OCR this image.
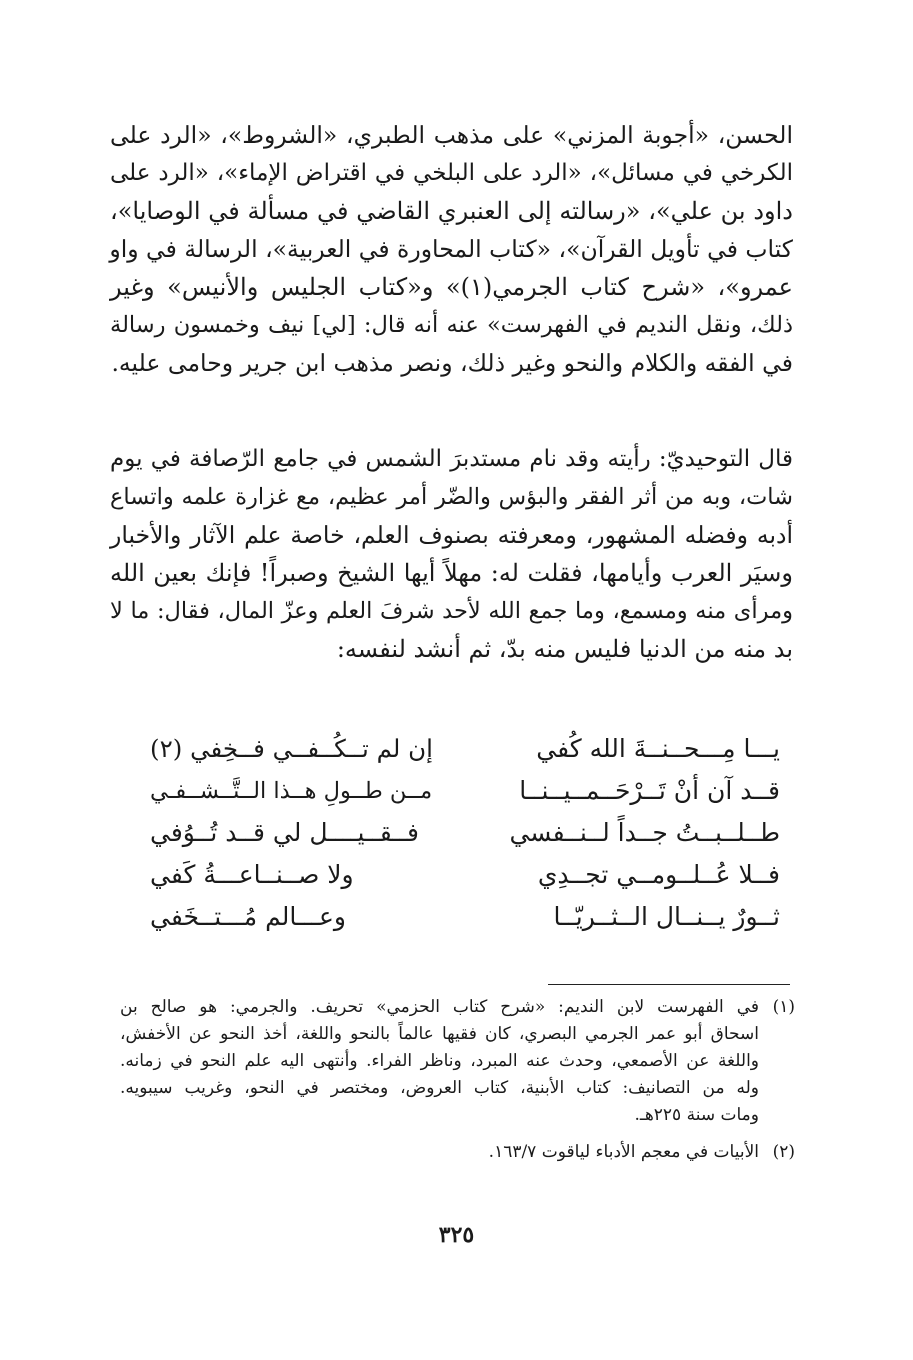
الحسن، «أجوبة المزني» على مذهب الطبري، «الشروط»، «الرد على
الكرخي في مسائل»، «الرد على البلخي في اقتراض الإماء»، «الرد على
داود بن علي»، «رسالته إلى العنبري القاضي في مسألة في الوصايا»،
كتاب في تأويل القرآن»، «كتاب المحاورة في العربية»، الرسالة في واو
عمرو»، «شرح كتاب الجرمي(١)» و«كتاب الجليس والأنيس» وغير
ذلك، ونقل النديم في الفهرست» عنه أنه قال: [لي] نيف وخمسون رسالة
في الفقه والكلام والنحو وغير ذلك، ونصر مذهب ابن جرير وحامى عليه.
قال التوحيديّ: رأيته وقد نام مستدبرَ الشمس في جامع الرّصافة في يوم
شات، وبه من أثر الفقر والبؤس والضّر أمر عظيم، مع غزارة علمه واتساع
أدبه وفضله المشهور، ومعرفته بصنوف العلم، خاصة علم الآثار والأخبار
وسيَر العرب وأيامها، فقلت له: مهلاً أيها الشيخ وصبراً! فإنك بعين الله
ومرأى منه ومسمع، وما جمع الله لأحد شرفَ العلم وعزّ المال، فقال: ما لا
بد منه من الدنيا فليس منه بدّ، ثم أنشد لنفسه:
يـــا مِـــحــنــةَ الله كُفي
إن لم تــكُــفــي فــخِفي (٢)
قــد آن أنْ تَــرْحَــمــيــنــا
مــن طــولِ هــذا الــتَّــشــفـي
طــلــبــتُ جــداً لــنــفسي
فــقــيــــل لي قــد تُــوُفي
فــلا عُــلــومــي تجــدِي
ولا صــنــاعـــةُ كَفي
ثــورٌ يــنــال الــثــريّــا
وعـــالم مُـــتــخَفي
(١)
في الفهرست لابن النديم: «شرح كتاب الحزمي» تحريف. والجرمي: هو صالح بن
اسحاق أبو عمر الجرمي البصري، كان فقيها عالماً بالنحو واللغة، أخذ النحو عن الأخفش،
واللغة عن الأصمعي، وحدث عنه المبرد، وناظر الفراء. وأنتهى اليه علم النحو في زمانه.
وله من التصانيف: كتاب الأبنية، كتاب العروض، ومختصر في النحو، وغريب سيبويه.
ومات سنة ٢٢٥هـ.
(٢)
الأبيات في معجم الأدباء لياقوت ١٦٣/٧.
٣٢٥
